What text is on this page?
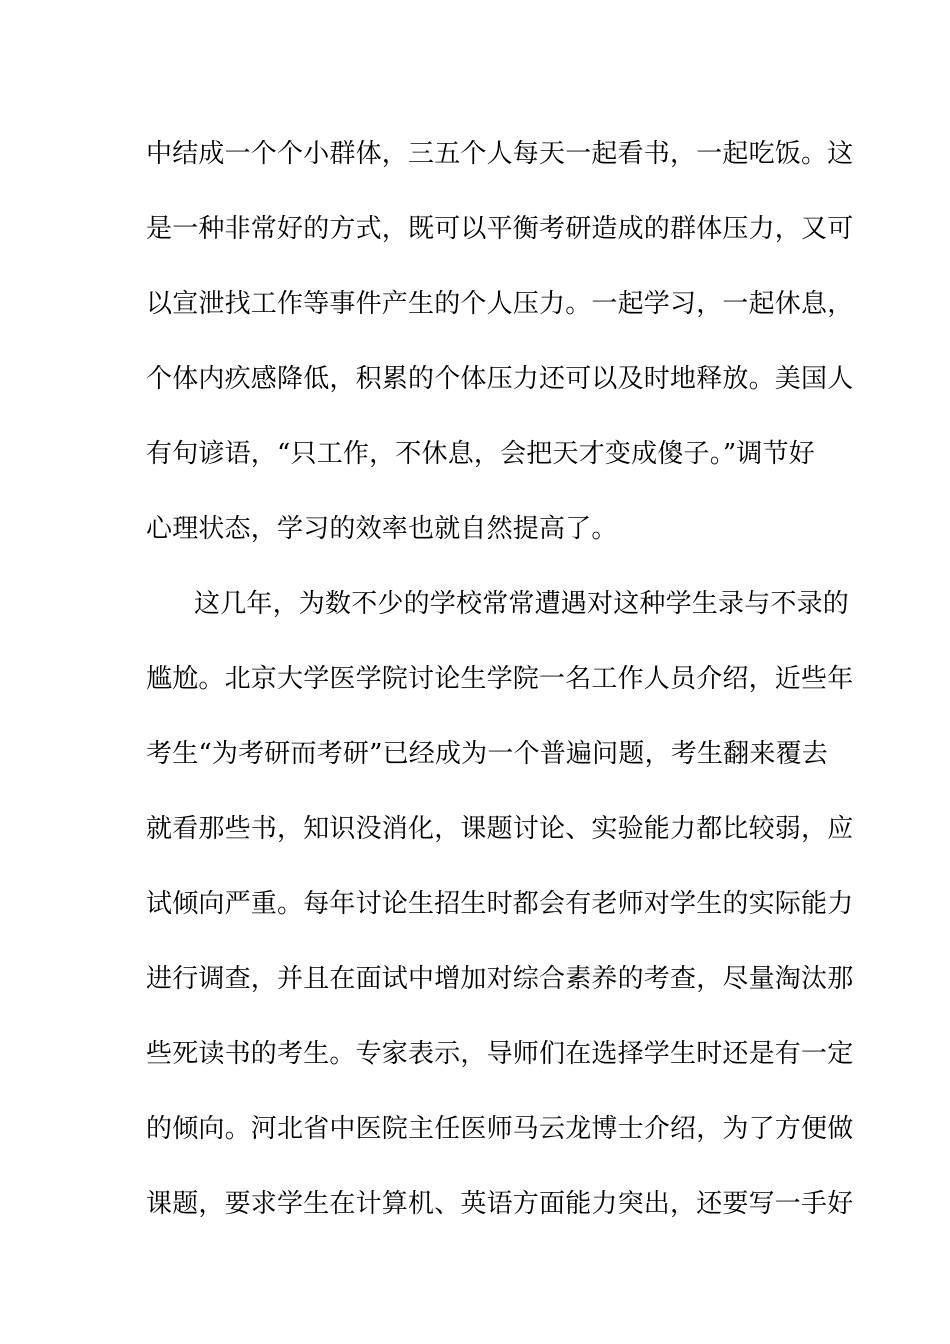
中结成一个个小群体，三五个人每天一起看书，一起吃饭。这
是一种非常好的方式，既可以平衡考研造成的群体压力，又可
以宣泄找工作等事件产生的个人压力。一起学习，一起休息，
个体内疚感降低，积累的个体压力还可以及时地释放。美国人
有句谚语，“只工作，不休息，会把天才变成傻子。”调节好
心理状态，学习的效率也就自然提高了。
这几年，为数不少的学校常常遭遇对这种学生录与不录的
尴尬。北京大学医学院讨论生学院一名工作人员介绍，近些年
考生“为考研而考研”已经成为一个普遍问题，考生翻来覆去
就看那些书，知识没消化，课题讨论、实验能力都比较弱，应
试倾向严重。每年讨论生招生时都会有老师对学生的实际能力
进行调查，并且在面试中增加对综合素养的考查，尽量淘汰那
些死读书的考生。专家表示，导师们在选择学生时还是有一定
的倾向。河北省中医院主任医师马云龙博士介绍，为了方便做
课题，要求学生在计算机、英语方面能力突出，还要写一手好
